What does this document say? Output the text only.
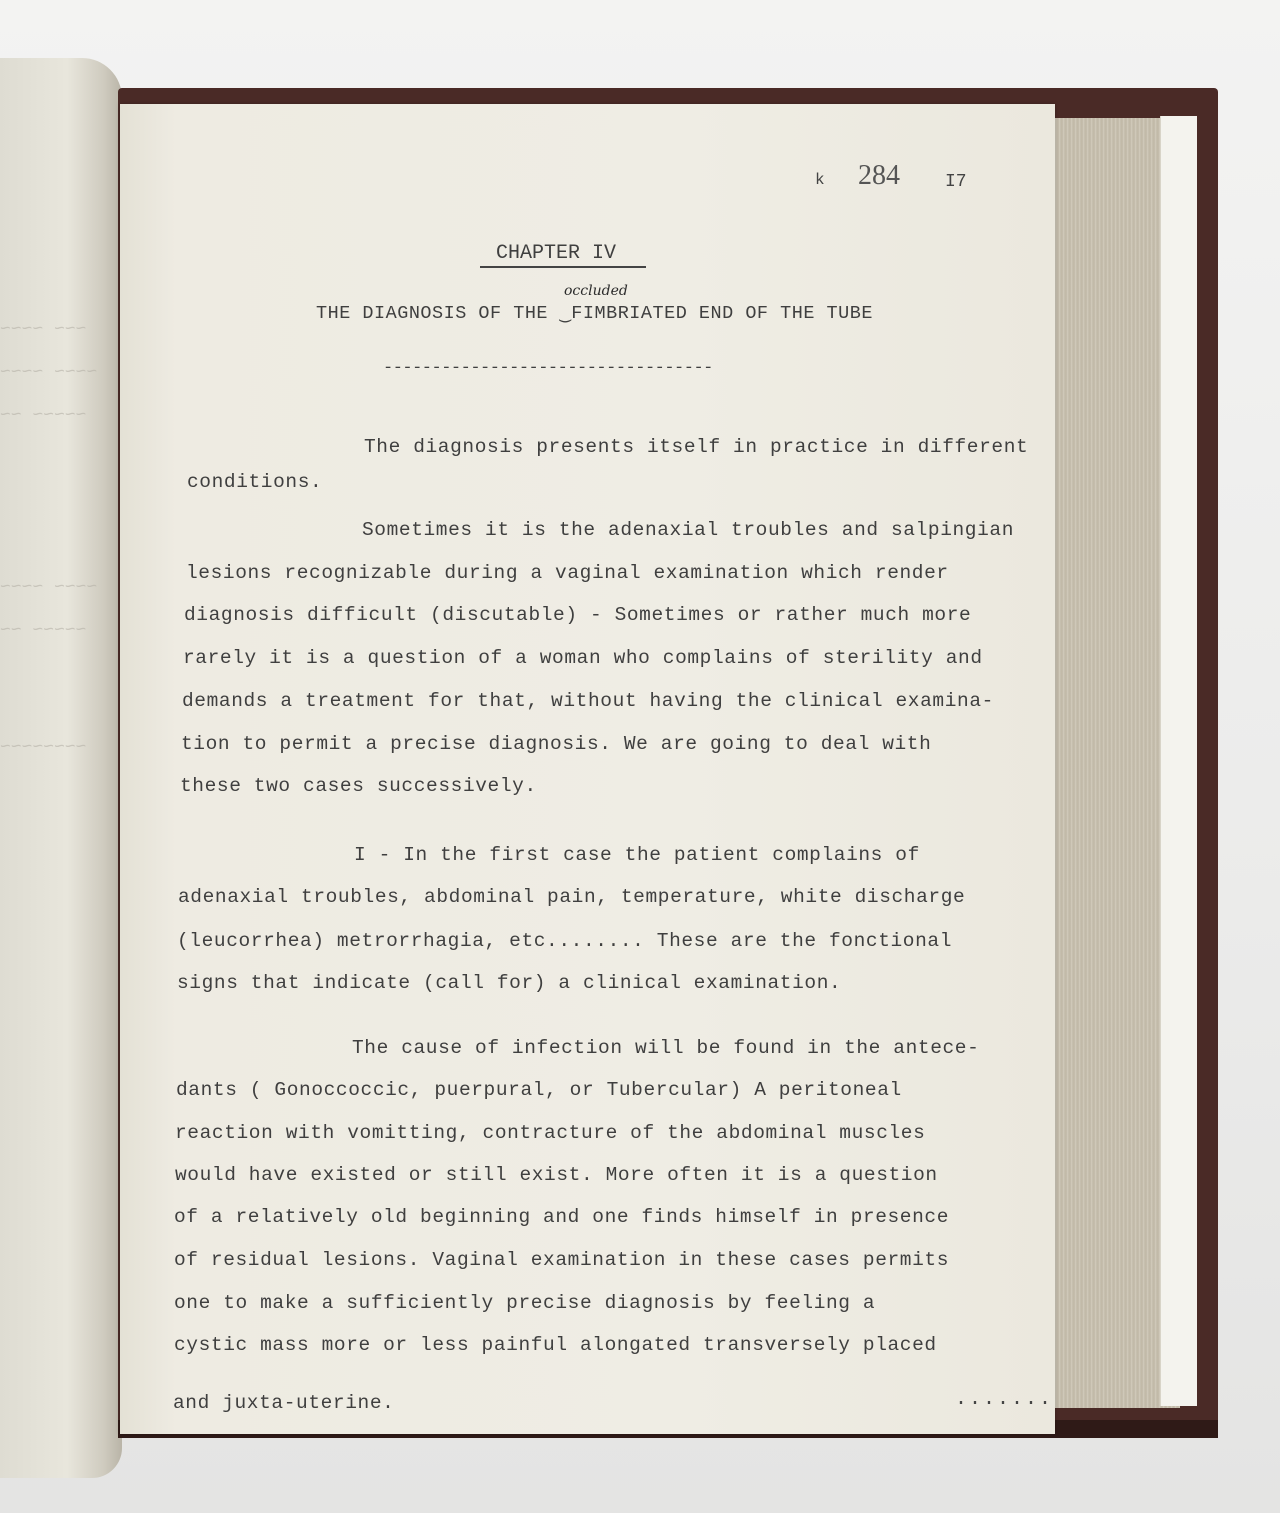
~~~ ~~~~
~~~~ ~~~~
~~~~~ ~~
~~~~ ~~~~
~~~~~ ~~
~~~~~~~~
k 284	I7
CHAPTER IV
occluded
THE DIAGNOSIS OF THE ‿FIMBRIATED END OF THE TUBE
----------------------------------
The diagnosis presents itself in practice in different
conditions.
Sometimes it is the adenaxial troubles and salpingian
lesions recognizable during a vaginal examination which render
diagnosis difficult (discutable) - Sometimes or rather much more
rarely it is a question of a woman who complains of sterility and
demands a treatment for that, without having the clinical examina-
tion to permit a precise diagnosis. We are going to deal with
these two cases successively.
I - In the first case the patient complains of
adenaxial troubles, abdominal pain, temperature, white discharge
(leucorrhea) metrorrhagia, etc........ These are the fonctional
signs that indicate (call for) a clinical examination.
The cause of infection will be found in the antece-
dants ( Gonoccoccic, puerpural, or Tubercular) A peritoneal
reaction with vomitting, contracture of the abdominal muscles
would have existed or still exist. More often it is a question
of a relatively old beginning and one finds himself in presence
of residual lesions. Vaginal examination in these cases permits
one to make a sufficiently precise diagnosis by feeling a
cystic mass more or less painful alongated transversely placed
and juxta-uterine.	.......
